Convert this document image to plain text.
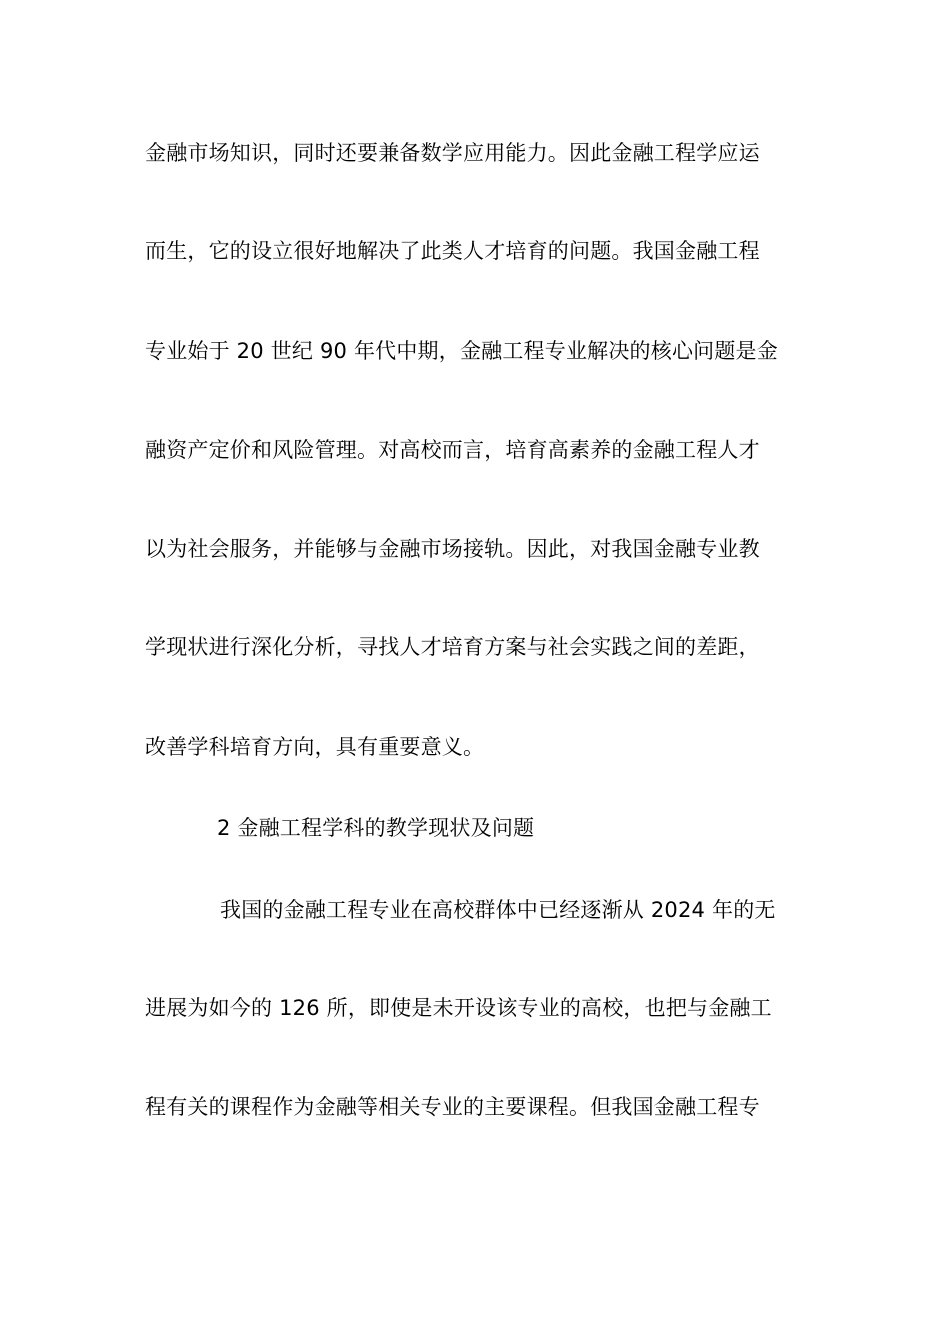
金融市场知识，同时还要兼备数学应用能力。因此金融工程学应运
而生，它的设立很好地解决了此类人才培育的问题。我国金融工程
专业始于 20 世纪 90 年代中期，金融工程专业解决的核心问题是金
融资产定价和风险管理。对高校而言，培育高素养的金融工程人才
以为社会服务，并能够与金融市场接轨。因此，对我国金融专业教
学现状进行深化分析，寻找人才培育方案与社会实践之间的差距，
改善学科培育方向，具有重要意义。
2 金融工程学科的教学现状及问题
我国的金融工程专业在高校群体中已经逐渐从 2024 年的无
进展为如今的 126 所，即使是未开设该专业的高校，也把与金融工
程有关的课程作为金融等相关专业的主要课程。但我国金融工程专
